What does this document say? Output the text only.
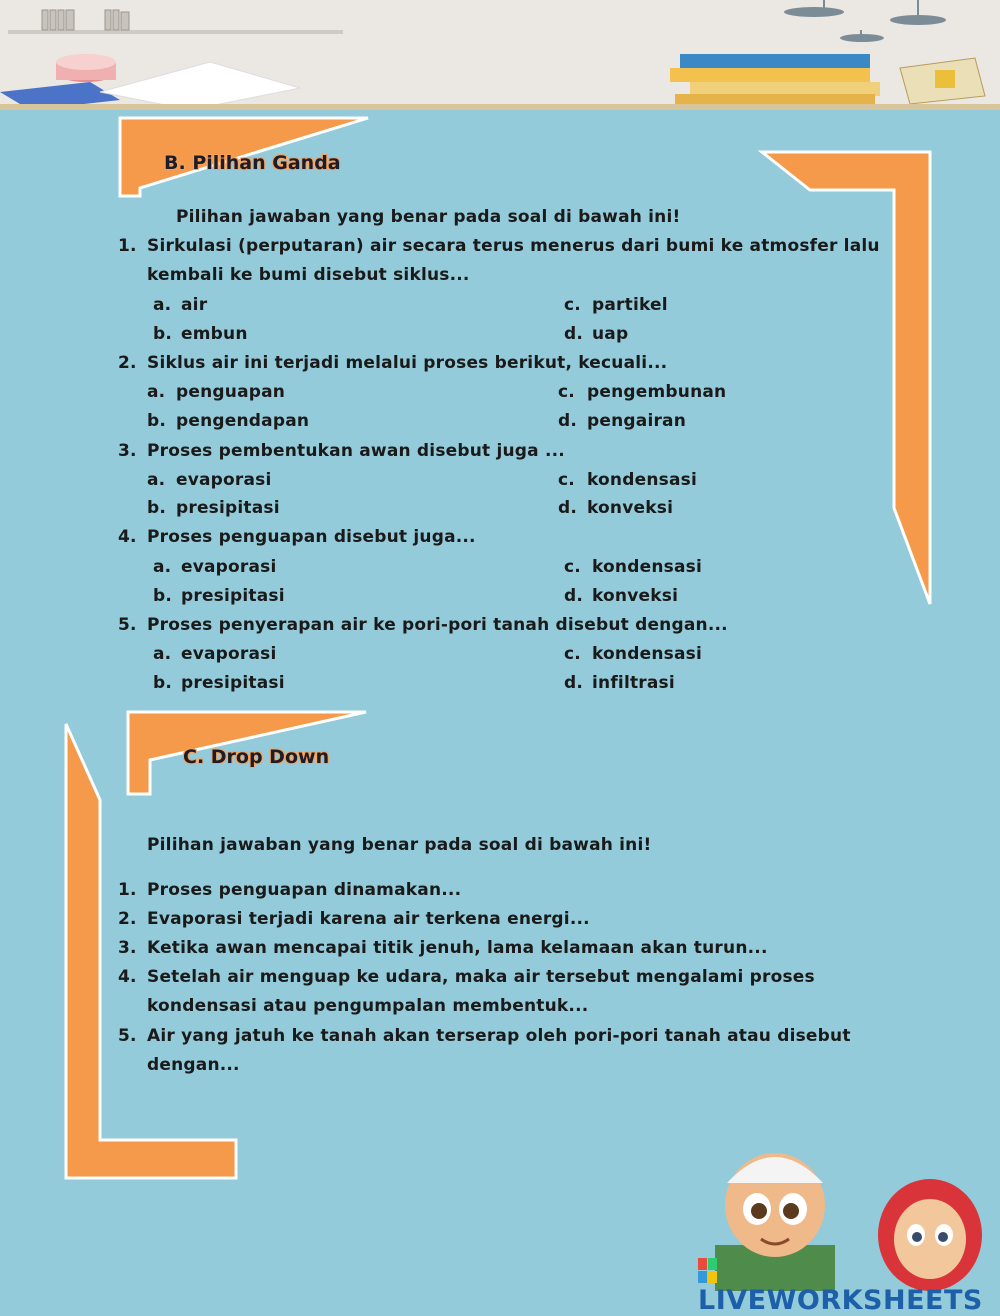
B. Pilihan Ganda
Pilihan jawaban yang benar pada soal di bawah ini!
1. Sirkulasi (perputaran) air secara terus menerus dari bumi ke atmosfer lalu
kembali ke bumi disebut siklus...
a. air
b. embun
c. partikel
d. uap
2. Siklus air ini terjadi melalui proses berikut, kecuali...
a. penguapan
b. pengendapan
c. pengembunan
d. pengairan
3. Proses pembentukan awan disebut juga ...
a. evaporasi
b. presipitasi
c. kondensasi
d. konveksi
4. Proses penguapan disebut juga...
a. evaporasi
b. presipitasi
c. kondensasi
d. konveksi
5. Proses penyerapan air ke pori-pori tanah disebut dengan...
a. evaporasi
b. presipitasi
c. kondensasi
d. infiltrasi
C. Drop Down
Pilihan jawaban yang benar pada soal di bawah ini!
1. Proses penguapan dinamakan...
2. Evaporasi terjadi karena air terkena energi...
3. Ketika awan mencapai titik jenuh, lama kelamaan akan turun...
4. Setelah air menguap ke udara, maka air tersebut mengalami proses
kondensasi atau pengumpalan membentuk...
5. Air yang jatuh ke tanah akan terserap oleh pori-pori tanah atau disebut
dengan...
LIVEWORKSHEETS
